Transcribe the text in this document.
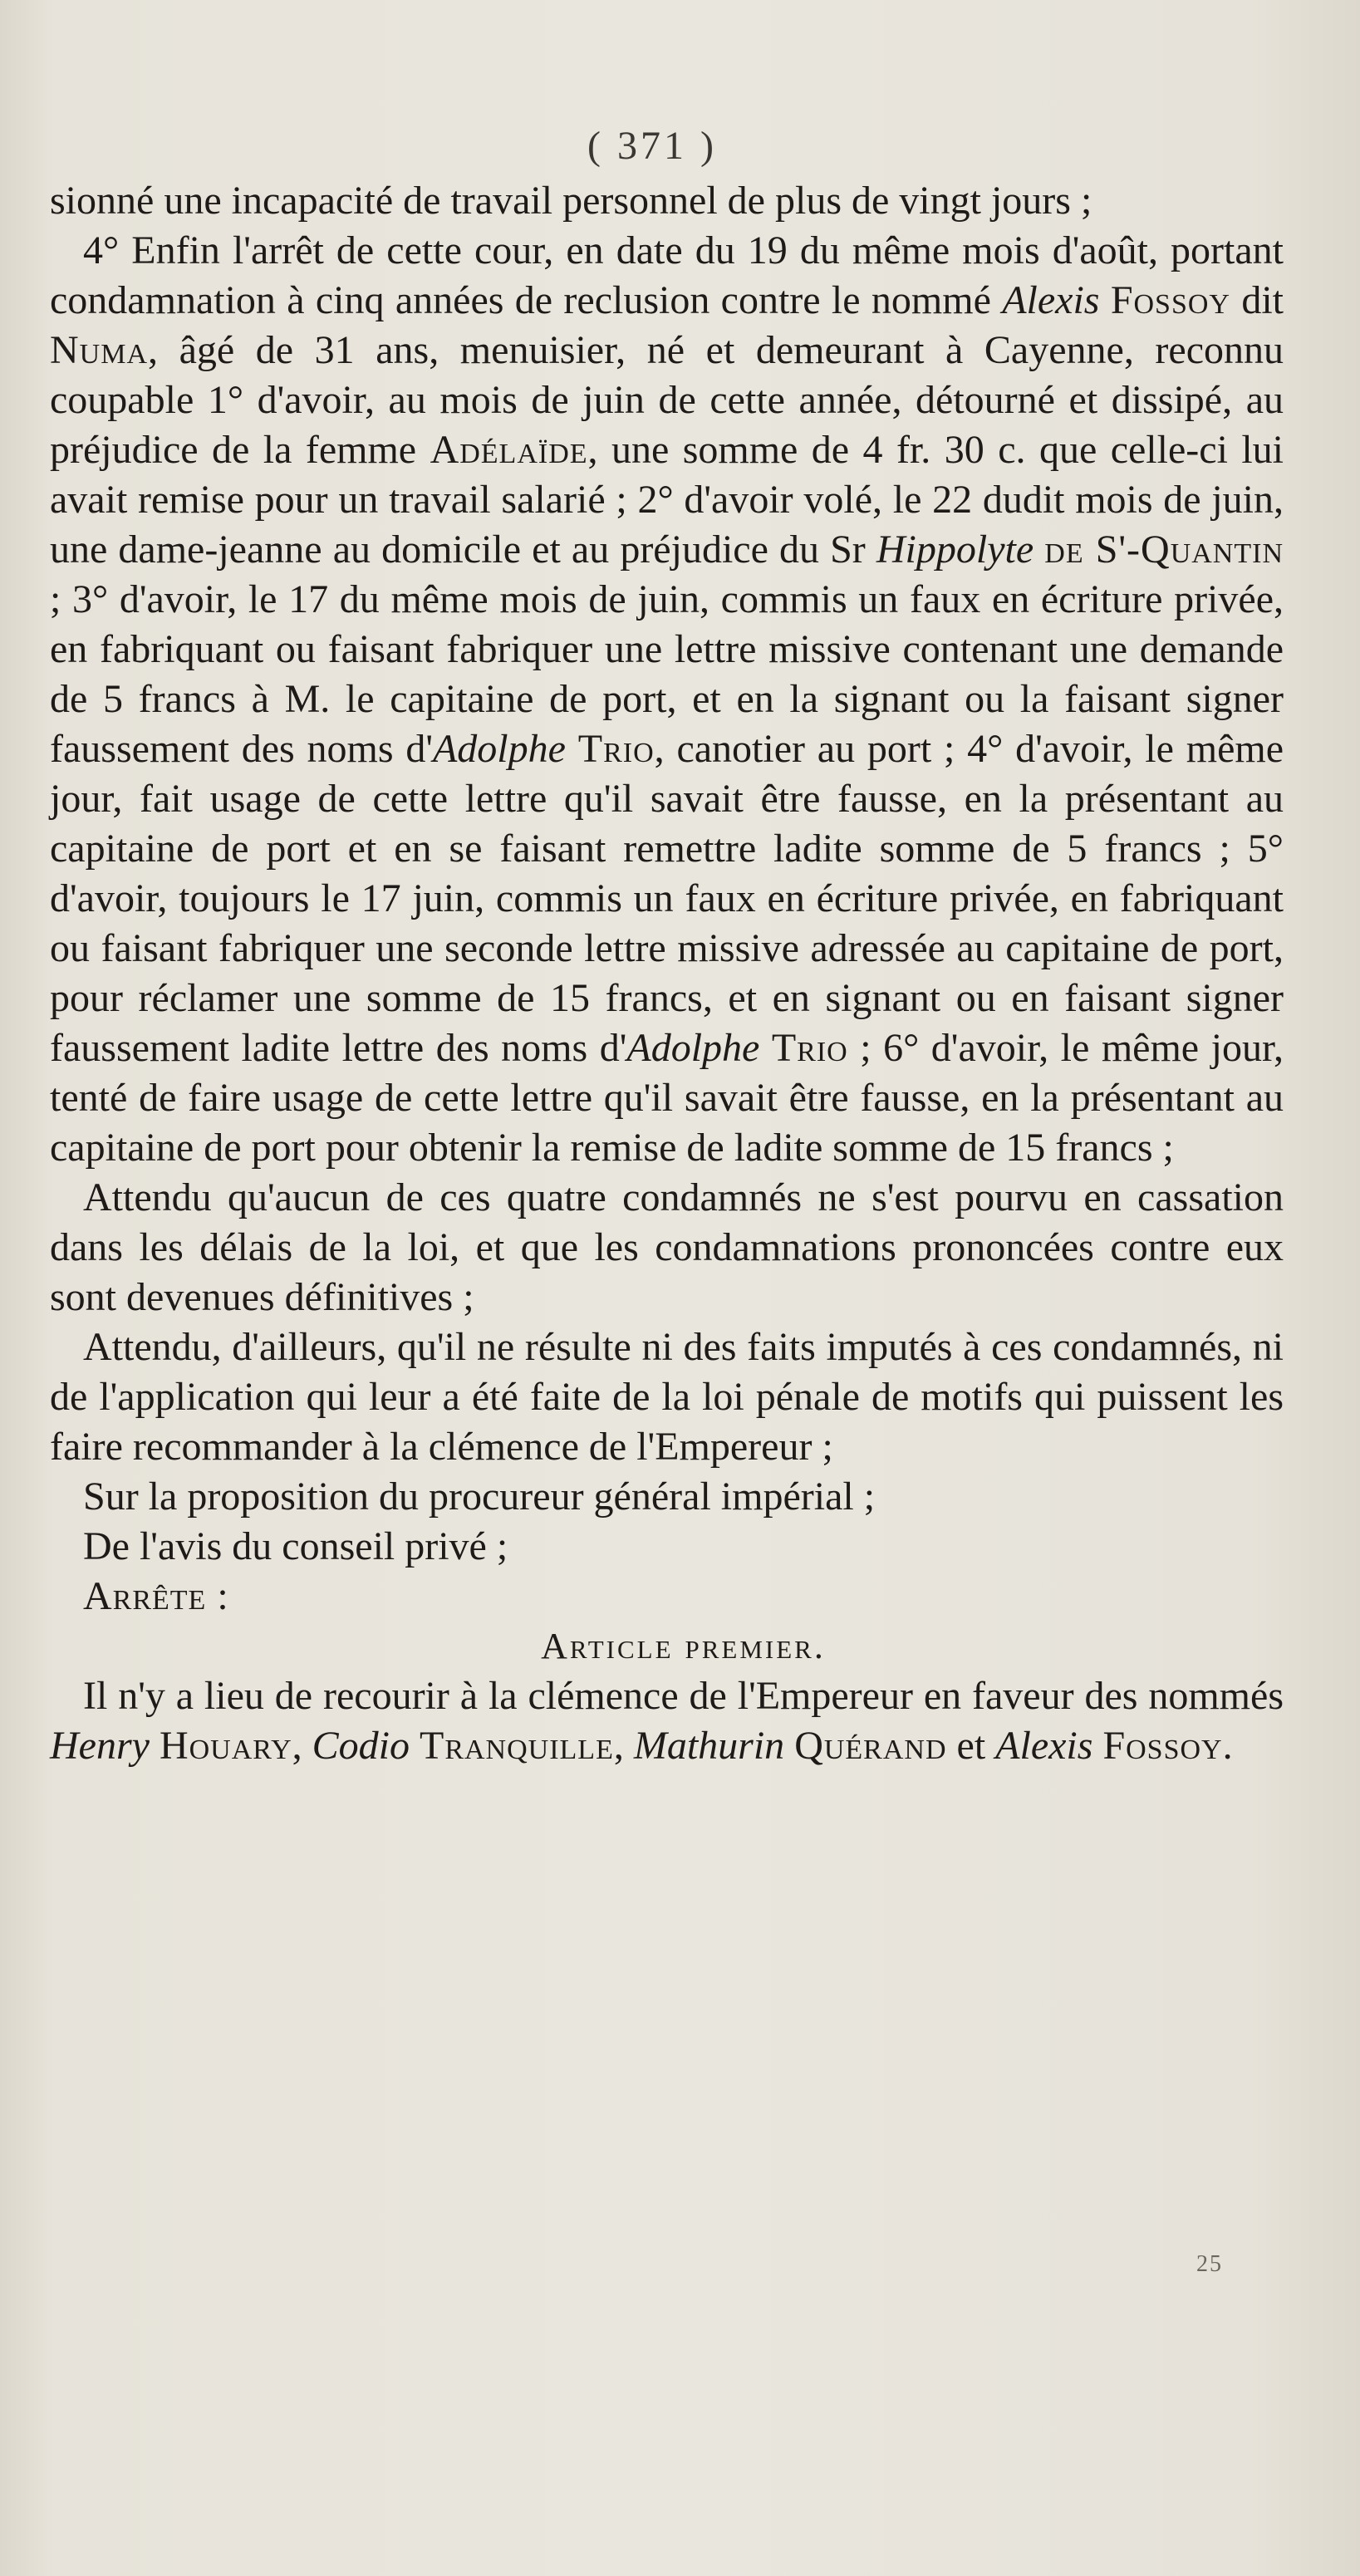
( 371 )

sionné une incapacité de travail personnel de plus de vingt jours ;

4° Enfin l'arrêt de cette cour, en date du 19 du même mois d'août, portant condamnation à cinq années de reclusion contre le nommé Alexis Fossoy dit Numa, âgé de 31 ans, menuisier, né et demeurant à Cayenne, reconnu coupable 1° d'avoir, au mois de juin de cette année, détourné et dissipé, au préjudice de la femme Adélaïde, une somme de 4 fr. 30 c. que celle-ci lui avait remise pour un travail salarié ; 2° d'avoir volé, le 22 dudit mois de juin, une dame-jeanne au domicile et au préjudice du Sr Hippolyte de S'-Quantin ; 3° d'avoir, le 17 du même mois de juin, commis un faux en écriture privée, en fabriquant ou faisant fabriquer une lettre missive contenant une demande de 5 francs à M. le capitaine de port, et en la signant ou la faisant signer faussement des noms d'Adolphe Trio, canotier au port ; 4° d'avoir, le même jour, fait usage de cette lettre qu'il savait être fausse, en la présentant au capitaine de port et en se faisant remettre ladite somme de 5 francs ; 5° d'avoir, toujours le 17 juin, commis un faux en écriture privée, en fabriquant ou faisant fabriquer une seconde lettre missive adressée au capitaine de port, pour réclamer une somme de 15 francs, et en signant ou en faisant signer faussement ladite lettre des noms d'Adolphe Trio ; 6° d'avoir, le même jour, tenté de faire usage de cette lettre qu'il savait être fausse, en la présentant au capitaine de port pour obtenir la remise de ladite somme de 15 francs ;

Attendu qu'aucun de ces quatre condamnés ne s'est pourvu en cassation dans les délais de la loi, et que les condamnations prononcées contre eux sont devenues définitives ;

Attendu, d'ailleurs, qu'il ne résulte ni des faits imputés à ces condamnés, ni de l'application qui leur a été faite de la loi pénale de motifs qui puissent les faire recommander à la clémence de l'Empereur ;

Sur la proposition du procureur général impérial ;

De l'avis du conseil privé ;

Arrête :

Article premier.

Il n'y a lieu de recourir à la clémence de l'Empereur en faveur des nommés Henry Houary, Codio Tranquille, Mathurin Quérand et Alexis Fossoy.

25
